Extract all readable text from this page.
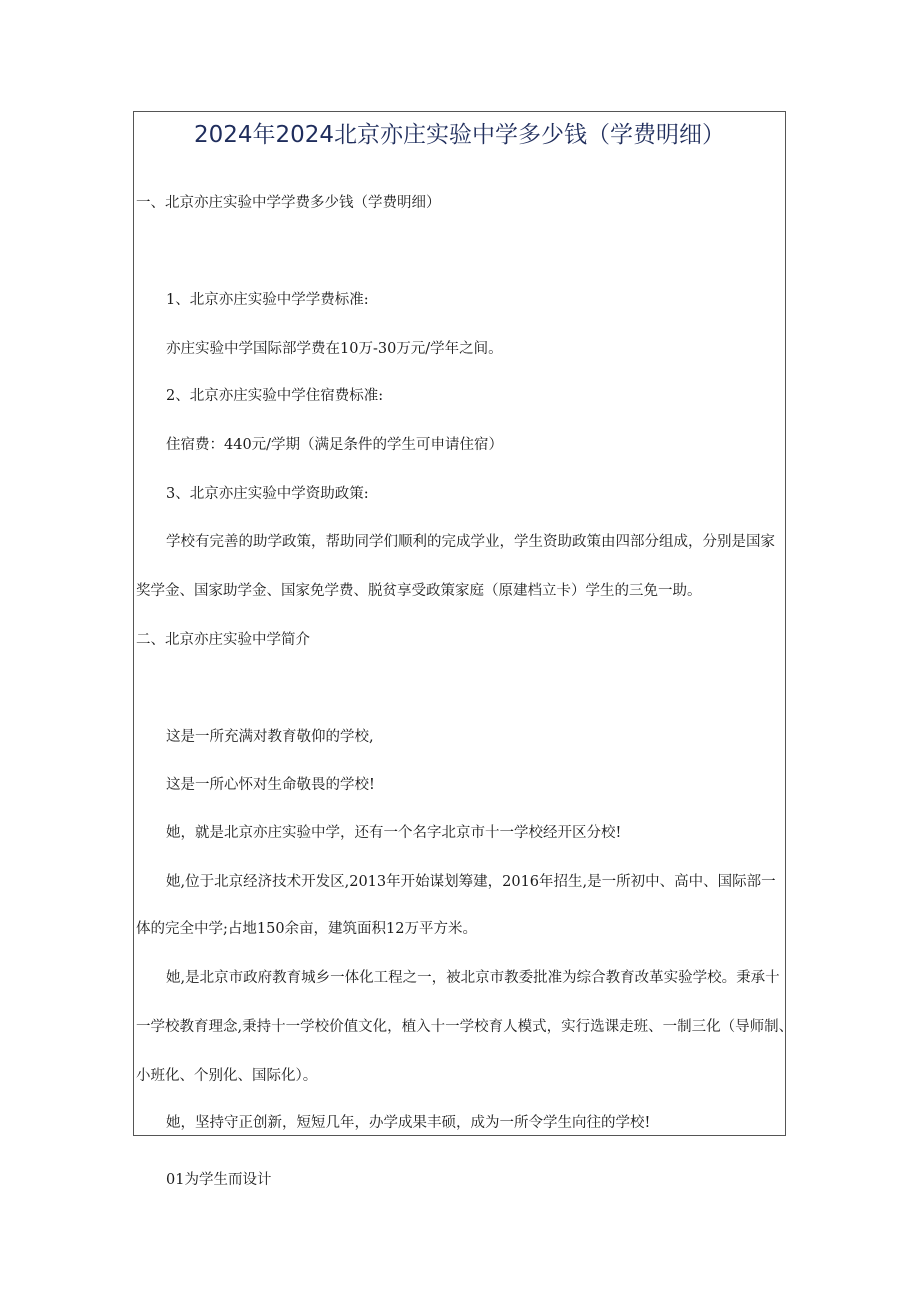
2024年2024北京亦庄实验中学多少钱（学费明细）
一、北京亦庄实验中学学费多少钱（学费明细）
1、北京亦庄实验中学学费标准:
亦庄实验中学国际部学费在10万-30万元/学年之间。
2、北京亦庄实验中学住宿费标准:
住宿费：440元/学期（满足条件的学生可申请住宿）
3、北京亦庄实验中学资助政策:
学校有完善的助学政策，帮助同学们顺利的完成学业，学生资助政策由四部分组成，分别是国家
奖学金、国家助学金、国家免学费、脱贫享受政策家庭（原建档立卡）学生的三免一助。
二、北京亦庄实验中学简介
这是一所充满对教育敬仰的学校,
这是一所心怀对生命敬畏的学校!
她，就是北京亦庄实验中学，还有一个名字北京市十一学校经开区分校!
她,位于北京经济技术开发区,2013年开始谋划筹建，2016年招生,是一所初中、高中、国际部一
体的完全中学;占地150余亩，建筑面积12万平方米。
她,是北京市政府教育城乡一体化工程之一，被北京市教委批准为综合教育改革实验学校。秉承十
一学校教育理念,秉持十一学校价值文化，植入十一学校育人模式，实行选课走班、一制三化（导师制、
小班化、个别化、国际化）。
她，坚持守正创新，短短几年，办学成果丰硕，成为一所令学生向往的学校!
01为学生而设计
